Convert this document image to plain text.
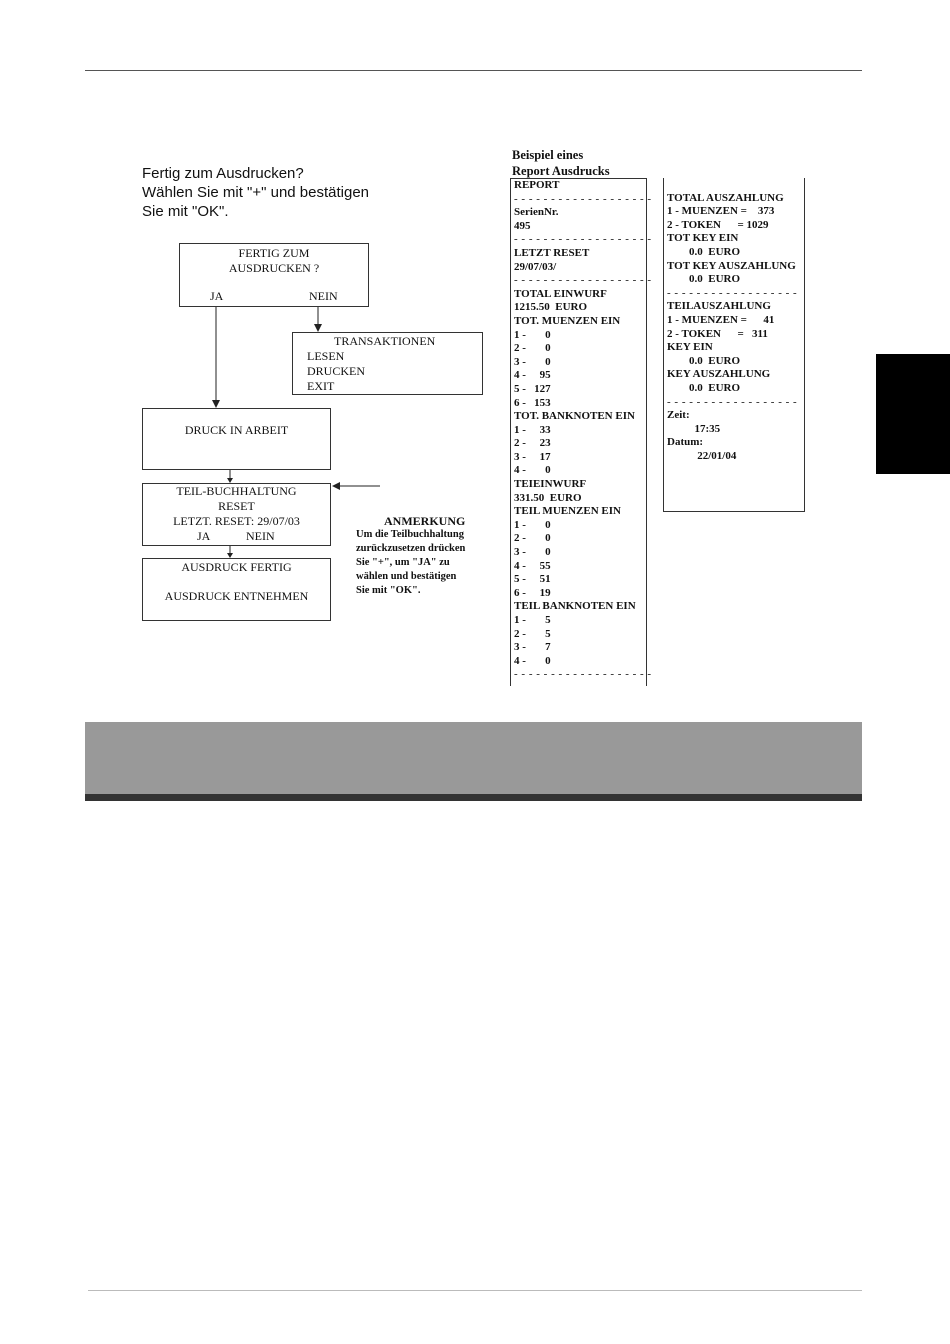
Fertig zum Ausdrucken?
Wählen Sie mit "+" und bestätigen
Sie mit "OK".
FERTIG ZUM
AUSDRUCKEN ?
JA	NEIN
TRANSAKTIONEN
LESEN
DRUCKEN
EXIT
DRUCK IN ARBEIT
TEIL-BUCHHALTUNG
RESET
LETZT. RESET: 29/07/03
JA	NEIN
AUSDRUCK FERTIG
AUSDRUCK ENTNEHMEN
ANMERKUNG
Um die Teilbuchhaltung
zurückzusetzen drücken
Sie "+", um "JA" zu
wählen und bestätigen
Sie mit "OK".
Beispiel eines
Report Ausdrucks
REPORT
- - - - - - - - - - - - - - - - - - -
SerienNr.
495
- - - - - - - - - - - - - - - - - - -
LETZT RESET
29/07/03/
- - - - - - - - - - - - - - - - - - -
TOTAL EINWURF
1215.50  EURO
TOT. MUENZEN EIN
1 -       0
2 -       0
3 -       0
4 -     95
5 -   127
6 -   153
TOT. BANKNOTEN EIN
1 -     33
2 -     23
3 -     17
4 -       0
TEIEINWURF
331.50  EURO
TEIL MUENZEN EIN
1 -       0
2 -       0
3 -       0
4 -     55
5 -     51
6 -     19
TEIL BANKNOTEN EIN
1 -       5
2 -       5
3 -       7
4 -       0
- - - - - - - - - - - - - - - - - - -
TOTAL AUSZAHLUNG
1 - MUENZEN =    373
2 - TOKEN      = 1029
TOT KEY EIN
0.0  EURO
TOT KEY AUSZAHLUNG
0.0  EURO
- - - - - - - - - - - - - - - - - -
TEILAUSZAHLUNG
1 - MUENZEN =      41
2 - TOKEN      =   311
KEY EIN
0.0  EURO
KEY AUSZAHLUNG
0.0  EURO
- - - - - - - - - - - - - - - - - -
Zeit:
17:35
Datum:
22/01/04
